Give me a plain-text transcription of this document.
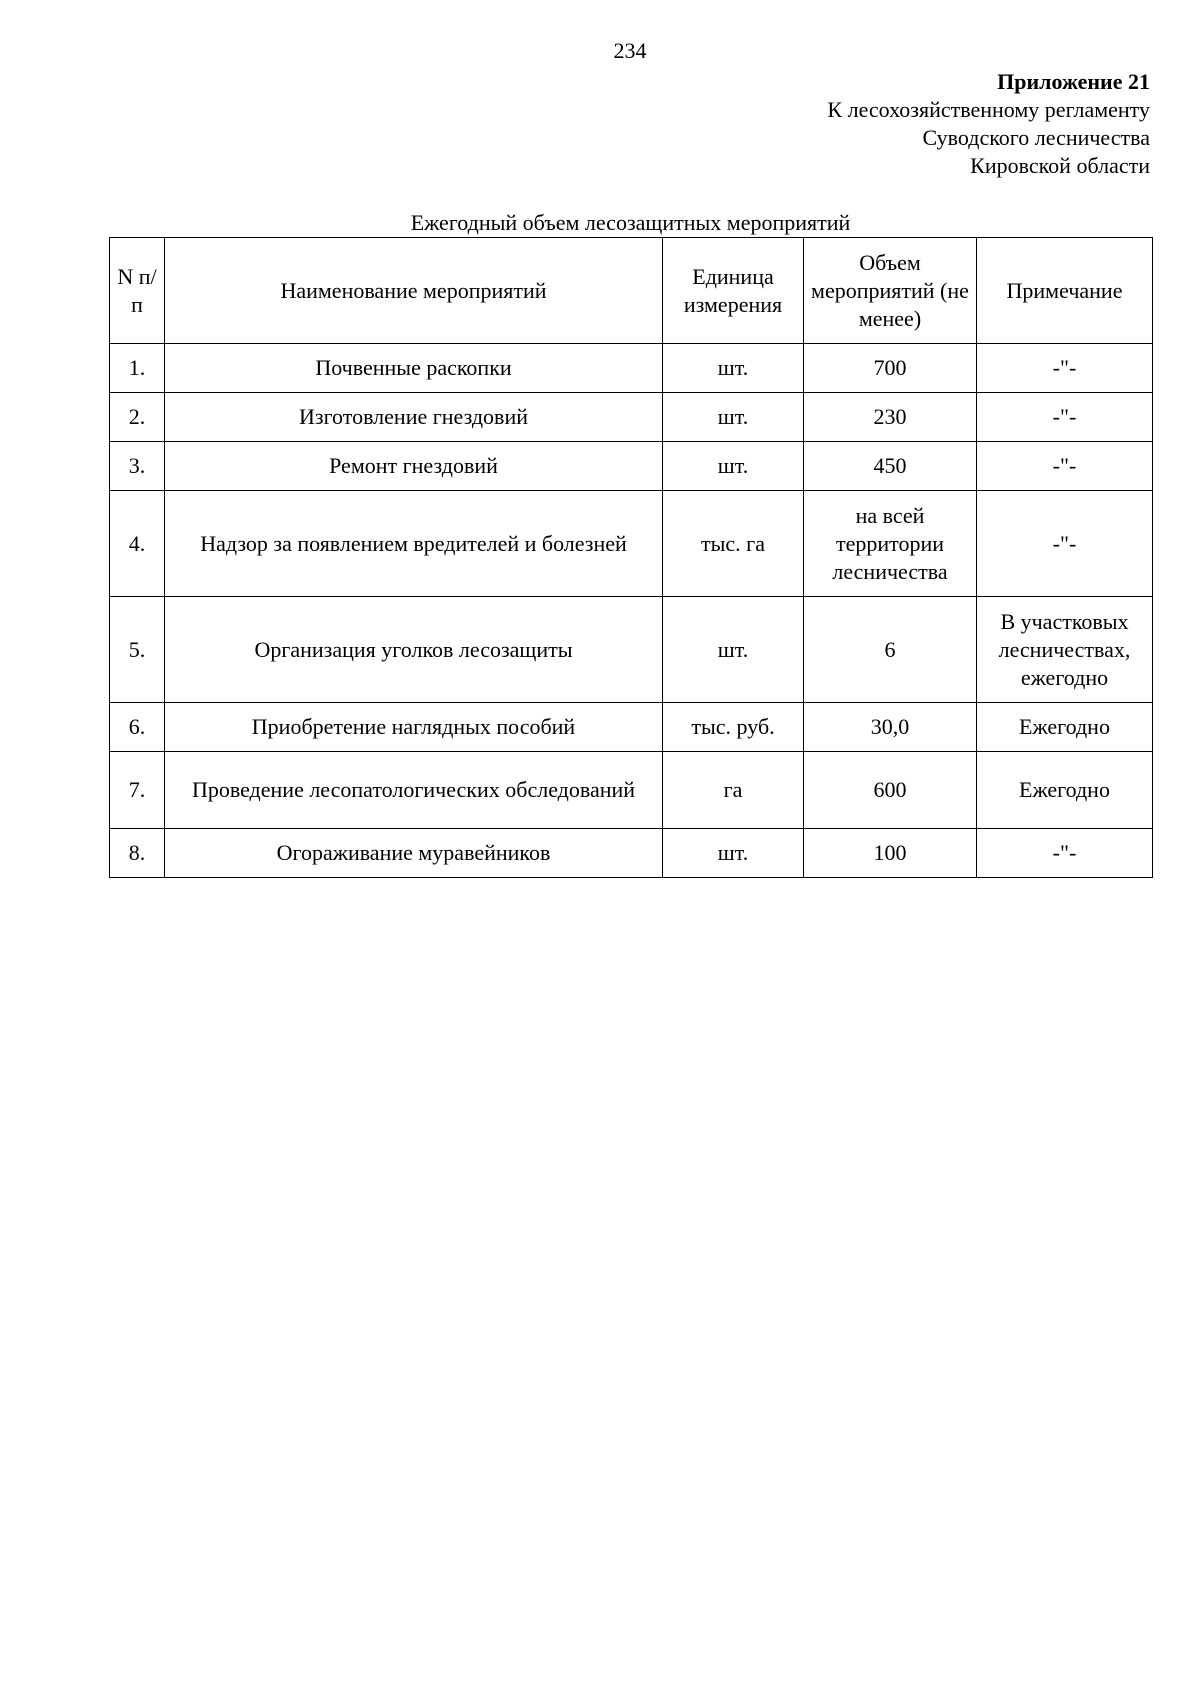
234
Приложение 21
К лесохозяйственному регламенту
Суводского лесничества
Кировской области
Ежегодный объем лесозащитных мероприятий
N п/п	Наименование мероприятий	Единица измерения	Объем мероприятий (не менее)	Примечание
1.	Почвенные раскопки	шт.	700	-"-
2.	Изготовление гнездовий	шт.	230	-"-
3.	Ремонт гнездовий	шт.	450	-"-
4.	Надзор за появлением вредителей и болезней	тыс. га	на всей территории лесничества	-"-
5.	Организация уголков лесозащиты	шт.	6	В участковых лесничествах, ежегодно
6.	Приобретение наглядных пособий	тыс. руб.	30,0	Ежегодно
7.	Проведение лесопатологических обследований	га	600	Ежегодно
8.	Огораживание муравейников	шт.	100	-"-
